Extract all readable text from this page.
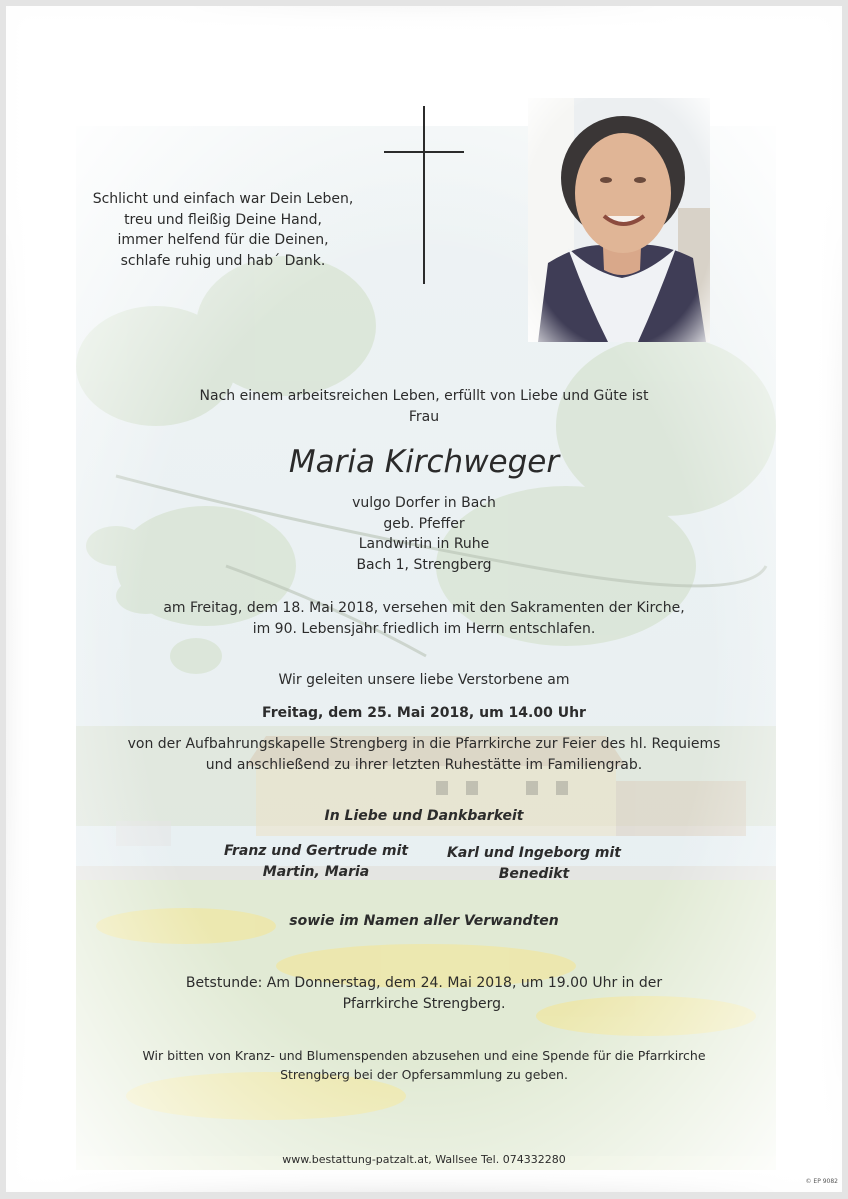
Schlicht und einfach war Dein Leben,
treu und fleißig Deine Hand,
immer helfend für die Deinen,
schlafe ruhig und hab´ Dank.
Nach einem arbeitsreichen Leben, erfüllt von Liebe und Güte ist
Frau
Maria Kirchweger
vulgo Dorfer in Bach
geb. Pfeffer
Landwirtin in Ruhe
Bach 1, Strengberg
am Freitag, dem 18. Mai 2018, versehen mit den Sakramenten der Kirche,
im 90. Lebensjahr friedlich im Herrn entschlafen.
Wir geleiten unsere liebe Verstorbene am
Freitag, dem 25. Mai 2018, um 14.00 Uhr
von der Aufbahrungskapelle Strengberg in die Pfarrkirche zur Feier des hl. Requiems
und anschließend zu ihrer letzten Ruhestätte im Familiengrab.
In Liebe und Dankbarkeit
Franz und Gertrude mit
Martin, Maria
Karl und Ingeborg mit
Benedikt
sowie im Namen aller Verwandten
Betstunde: Am Donnerstag, dem 24. Mai 2018, um 19.00 Uhr in der
Pfarrkirche Strengberg.
Wir bitten von Kranz- und Blumenspenden abzusehen und eine Spende für die Pfarrkirche
Strengberg bei der Opfersammlung zu geben.
www.bestattung-patzalt.at, Wallsee Tel. 074332280
© EP 9082
